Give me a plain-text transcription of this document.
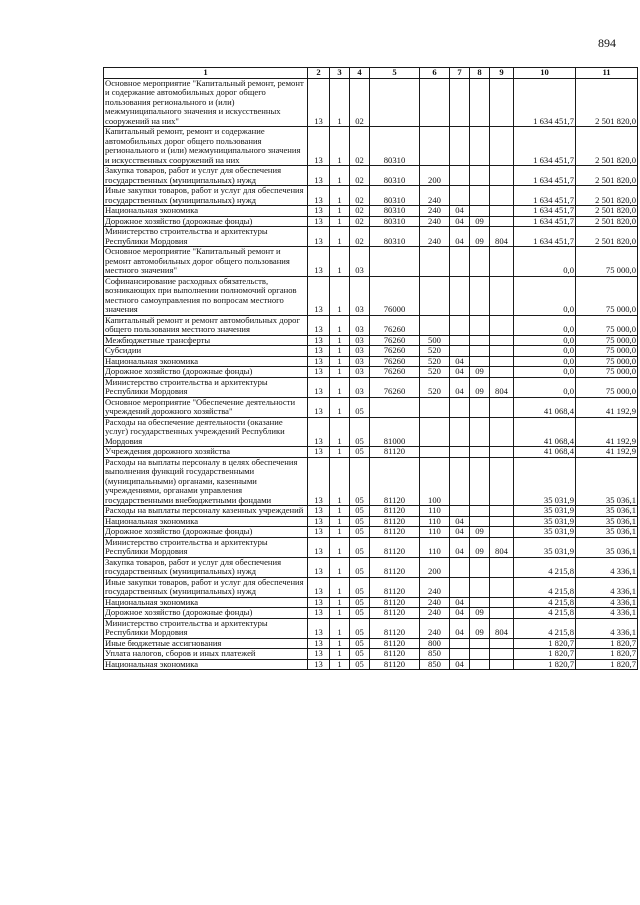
894
1	2	3	4	5	6	7	8	9	10	11
Основное мероприятие "Капитальный ремонт, ремонт и содержание автомобильных дорог общего пользования регионального и (или) межмуниципального значения и искусственных сооружений на них"	13	1	02						1 634 451,7	2 501 820,0
Капитальный ремонт, ремонт и содержание автомобильных дорог общего пользования регионального и (или) межмуниципального значения и искусственных сооружений на них	13	1	02	80310					1 634 451,7	2 501 820,0
Закупка товаров, работ и услуг для обеспечения государственных (муниципальных) нужд	13	1	02	80310	200				1 634 451,7	2 501 820,0
Иные закупки товаров, работ и услуг для обеспечения государственных (муниципальных) нужд	13	1	02	80310	240				1 634 451,7	2 501 820,0
Национальная экономика	13	1	02	80310	240	04			1 634 451,7	2 501 820,0
Дорожное хозяйство (дорожные фонды)	13	1	02	80310	240	04	09		1 634 451,7	2 501 820,0
Министерство строительства и архитектуры Республики Мордовия	13	1	02	80310	240	04	09	804	1 634 451,7	2 501 820,0
Основное мероприятие "Капитальный ремонт и ремонт автомобильных дорог общего пользования местного значения"	13	1	03						0,0	75 000,0
Софинансирование расходных обязательств, возникающих при выполнении полномочий органов местного самоуправления по вопросам местного значения	13	1	03	76000					0,0	75 000,0
Капитальный ремонт и ремонт автомобильных дорог общего пользования местного значения	13	1	03	76260					0,0	75 000,0
Межбюджетные трансферты	13	1	03	76260	500				0,0	75 000,0
Субсидии	13	1	03	76260	520				0,0	75 000,0
Национальная экономика	13	1	03	76260	520	04			0,0	75 000,0
Дорожное хозяйство (дорожные фонды)	13	1	03	76260	520	04	09		0,0	75 000,0
Министерство строительства и архитектуры Республики Мордовия	13	1	03	76260	520	04	09	804	0,0	75 000,0
Основное мероприятие "Обеспечение деятельности учреждений дорожного хозяйства"	13	1	05						41 068,4	41 192,9
Расходы на обеспечение деятельности (оказание услуг) государственных учреждений Республики Мордовия	13	1	05	81000					41 068,4	41 192,9
Учреждения дорожного хозяйства	13	1	05	81120					41 068,4	41 192,9
Расходы на выплаты персоналу в целях обеспечения выполнения функций государственными (муниципальными) органами, казенными учреждениями, органами управления государственными внебюджетными фондами	13	1	05	81120	100				35 031,9	35 036,1
Расходы на выплаты персоналу казенных учреждений	13	1	05	81120	110				35 031,9	35 036,1
Национальная экономика	13	1	05	81120	110	04			35 031,9	35 036,1
Дорожное хозяйство (дорожные фонды)	13	1	05	81120	110	04	09		35 031,9	35 036,1
Министерство строительства и архитектуры Республики Мордовия	13	1	05	81120	110	04	09	804	35 031,9	35 036,1
Закупка товаров, работ и услуг для обеспечения государственных (муниципальных) нужд	13	1	05	81120	200				4 215,8	4 336,1
Иные закупки товаров, работ и услуг для обеспечения государственных (муниципальных) нужд	13	1	05	81120	240				4 215,8	4 336,1
Национальная экономика	13	1	05	81120	240	04			4 215,8	4 336,1
Дорожное хозяйство (дорожные фонды)	13	1	05	81120	240	04	09		4 215,8	4 336,1
Министерство строительства и архитектуры Республики Мордовия	13	1	05	81120	240	04	09	804	4 215,8	4 336,1
Иные бюджетные ассигнования	13	1	05	81120	800				1 820,7	1 820,7
Уплата налогов, сборов и иных платежей	13	1	05	81120	850				1 820,7	1 820,7
Национальная экономика	13	1	05	81120	850	04			1 820,7	1 820,7
